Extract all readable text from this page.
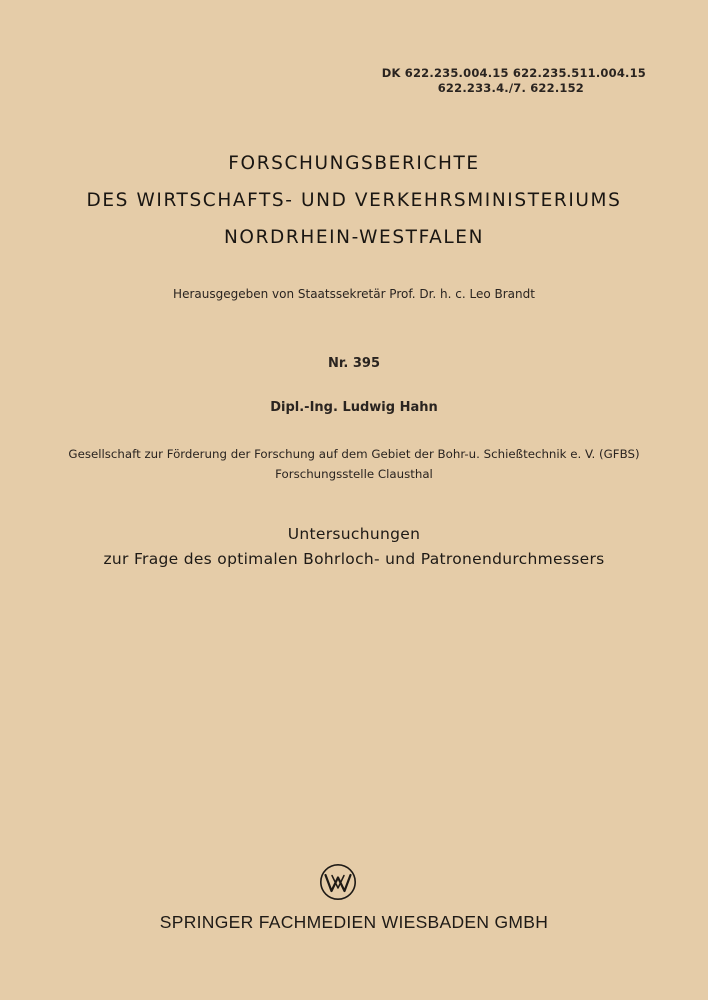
DK 622.235.004.15 622.235.511.004.15
622.233.4./7. 622.152
FORSCHUNGSBERICHTE
DES WIRTSCHAFTS- UND VERKEHRSMINISTERIUMS
NORDRHEIN-WESTFALEN
Herausgegeben von Staatssekretär Prof. Dr. h. c. Leo Brandt
Nr. 395
Dipl.-Ing. Ludwig Hahn
Gesellschaft zur Förderung der Forschung auf dem Gebiet der Bohr-u. Schießtechnik e. V. (GFBS)
Forschungsstelle Clausthal
Untersuchungen
zur Frage des optimalen Bohrloch- und Patronendurchmessers
SPRINGER FACHMEDIEN WIESBADEN GMBH
